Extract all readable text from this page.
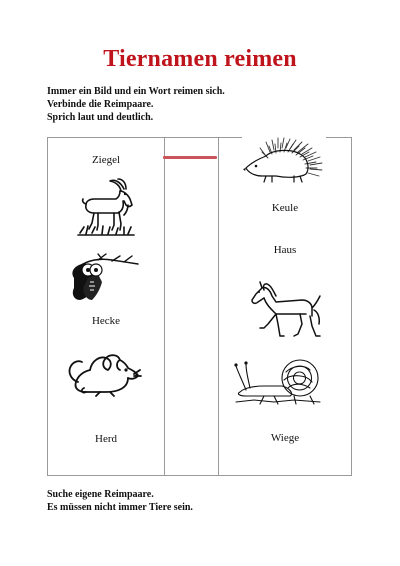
Tiernamen reimen
Immer ein Bild und ein Wort reimen sich.
Verbinde die Reimpaare.
Sprich laut und deutlich.
Ziegel
Hecke
Herd
Keule
Haus
Wiege
Suche eigene Reimpaare.
Es müssen nicht immer Tiere sein.
